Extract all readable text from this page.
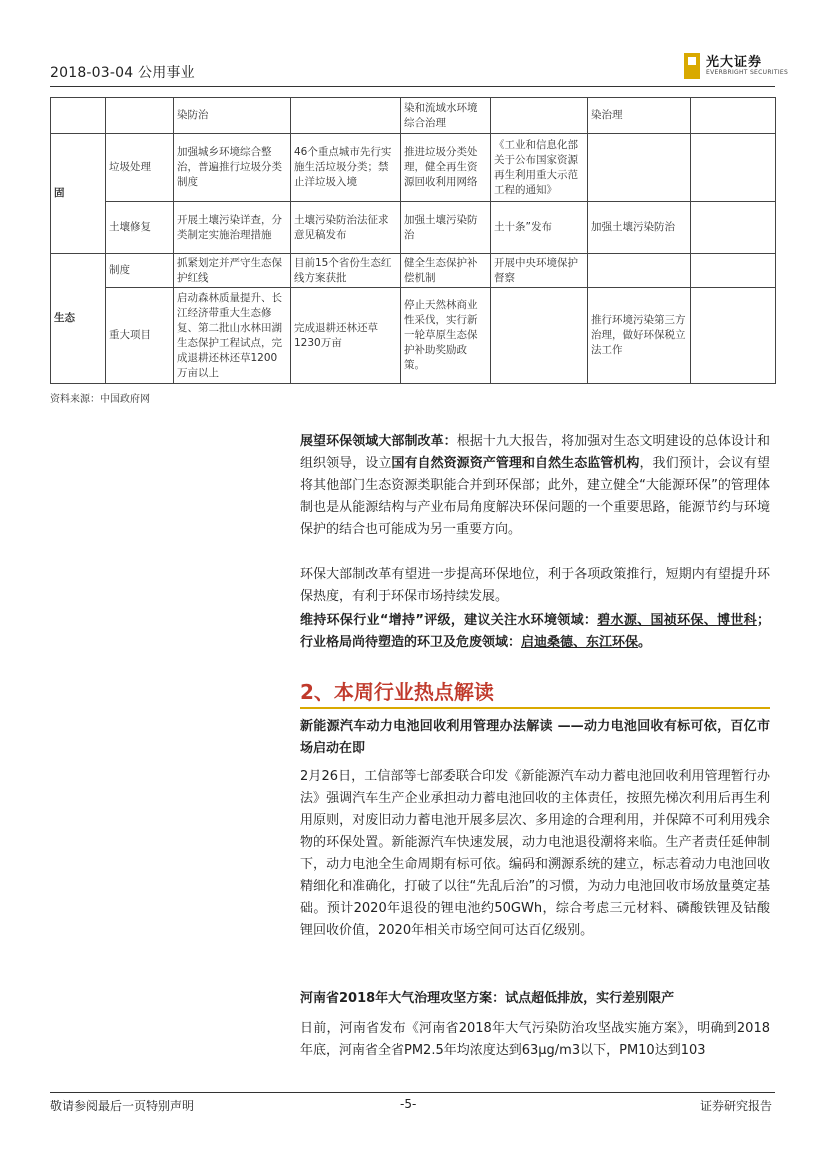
2018-03-04 公用事业
光大证券
EVERBRIGHT SECURITIES
		染防治		染和流域水环境综合治理		染治理	
固	垃圾处理	加强城乡环境综合整治，普遍推行垃圾分类制度	46个重点城市先行实施生活垃圾分类；禁止洋垃圾入境	推进垃圾分类处理，健全再生资源回收利用网络	《工业和信息化部关于公布国家资源再生利用重大示范工程的通知》		
	土壤修复	开展土壤污染详查，分类制定实施治理措施	土壤污染防治法征求意见稿发布	加强土壤污染防治	土十条”发布	加强土壤污染防治	
生态	制度	抓紧划定并严守生态保护红线	目前15个省份生态红线方案获批	健全生态保护补偿机制	开展中央环境保护督察		
	重大项目	启动森林质量提升、长江经济带重大生态修复、第二批山水林田湖生态保护工程试点，完成退耕还林还草1200万亩以上	完成退耕还林还草1230万亩	停止天然林商业性采伐，实行新一轮草原生态保护补助奖励政策。		推行环境污染第三方治理，做好环保税立法工作	
资料来源：中国政府网

展望环保领域大部制改革：根据十九大报告，将加强对生态文明建设的总体设计和组织领导，设立国有自然资源资产管理和自然生态监管机构，我们预计，会议有望将其他部门生态资源类职能合并到环保部；此外，建立健全“大能源环保”的管理体制也是从能源结构与产业布局角度解决环保问题的一个重要思路，能源节约与环境保护的结合也可能成为另一重要方向。

环保大部制改革有望进一步提高环保地位，利于各项政策推行，短期内有望提升环保热度，有利于环保市场持续发展。

维持环保行业“增持”评级，建议关注水环境领域：碧水源、国祯环保、博世科；行业格局尚待塑造的环卫及危废领域：启迪桑德、东江环保。

2、本周行业热点解读

新能源汽车动力电池回收利用管理办法解读 ——动力电池回收有标可依，百亿市场启动在即

2月26日，工信部等七部委联合印发《新能源汽车动力蓄电池回收利用管理暂行办法》强调汽车生产企业承担动力蓄电池回收的主体责任，按照先梯次利用后再生利用原则，对废旧动力蓄电池开展多层次、多用途的合理利用，并保障不可利用残余物的环保处置。新能源汽车快速发展，动力电池退役潮将来临。生产者责任延伸制下，动力电池全生命周期有标可依。编码和溯源系统的建立，标志着动力电池回收精细化和准确化，打破了以往“先乱后治”的习惯，为动力电池回收市场放量奠定基础。预计2020年退役的锂电池约50GWh，综合考虑三元材料、磷酸铁锂及钴酸锂回收价值，2020年相关市场空间可达百亿级别。

河南省2018年大气治理攻坚方案：试点超低排放，实行差别限产

日前，河南省发布《河南省2018年大气污染防治攻坚战实施方案》，明确到2018年底，河南省全省PM2.5年均浓度达到63μg/m3以下，PM10达到103

敬请参阅最后一页特别声明	-5-	证券研究报告
